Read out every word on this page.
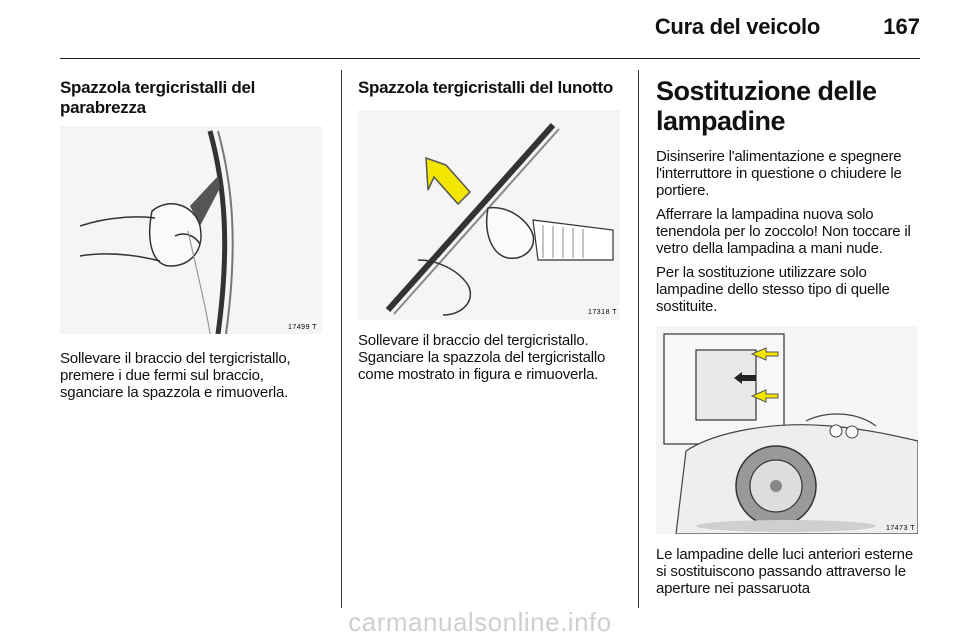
Cura del veicolo	167
Spazzola tergicristalli del parabrezza
17499 T

Sollevare il braccio del tergicristallo, premere i due fermi sul braccio, sganciare la spazzola e rimuoverla.

Spazzola tergicristalli del lunotto
17318 T

Sollevare il braccio del tergicristallo. Sganciare la spazzola del tergicristallo come mostrato in figura e rimuoverla.

Sostituzione delle lampadine

Disinserire l'alimentazione e spegnere l'interruttore in questione o chiudere le portiere.

Afferrare la lampadina nuova solo tenendola per lo zoccolo! Non toccare il vetro della lampadina a mani nude.

Per la sostituzione utilizzare solo lampadine dello stesso tipo di quelle sostituite.

17473 T

Le lampadine delle luci anteriori esterne si sostituiscono passando attraverso le aperture nei passaruota

carmanualsonline.info
